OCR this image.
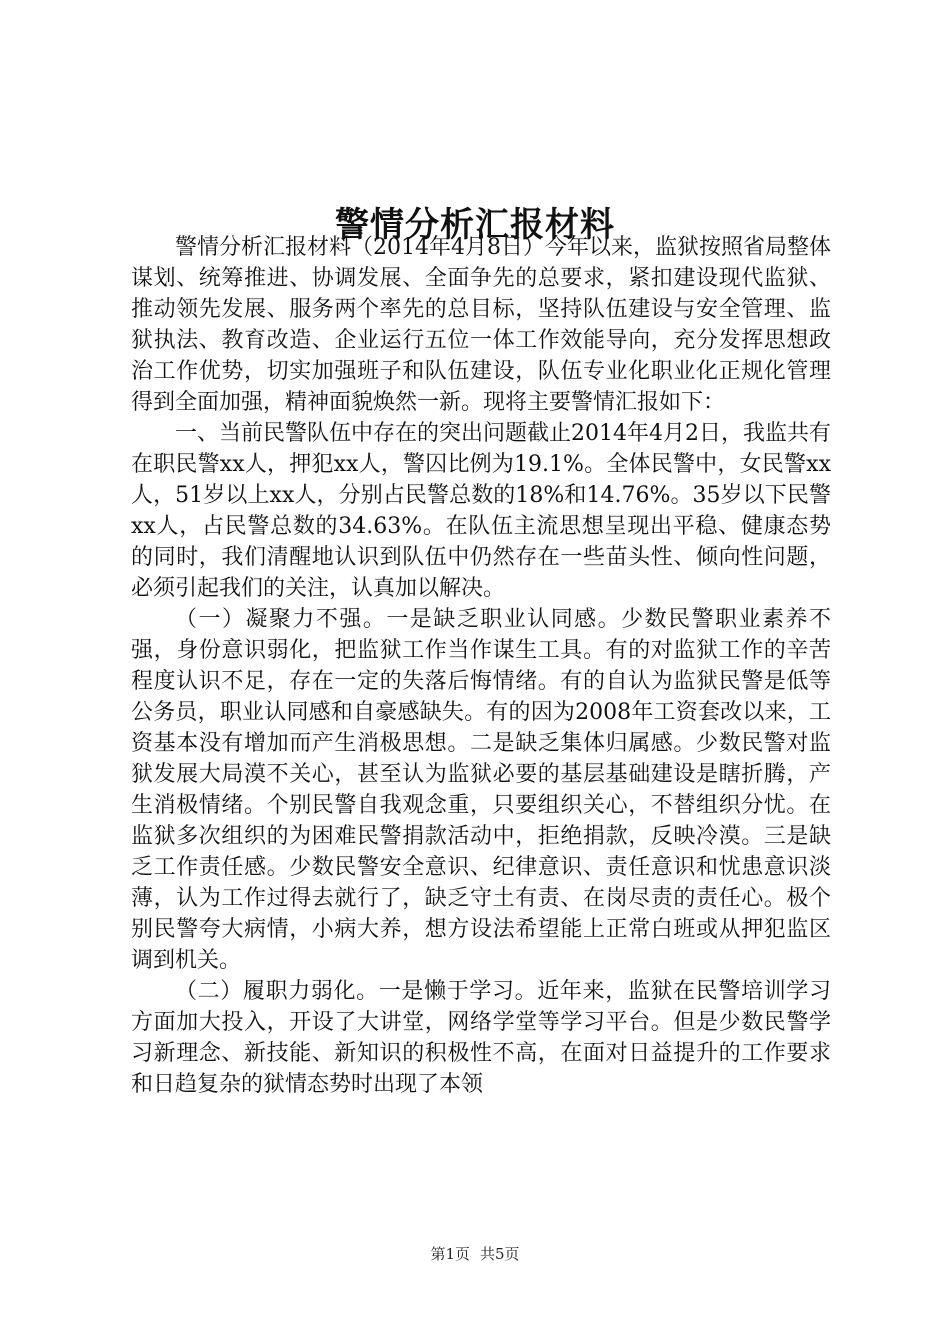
警情分析汇报材料

警情分析汇报材料（2014年4月8日）今年以来，监狱按照省局整体谋划、统筹推进、协调发展、全面争先的总要求，紧扣建设现代监狱、推动领先发展、服务两个率先的总目标，坚持队伍建设与安全管理、监狱执法、教育改造、企业运行五位一体工作效能导向，充分发挥思想政治工作优势，切实加强班子和队伍建设，队伍专业化职业化正规化管理得到全面加强，精神面貌焕然一新。现将主要警情汇报如下：

一、当前民警队伍中存在的突出问题截止2014年4月2日，我监共有在职民警xx人，押犯xx人，警囚比例为19.1%。全体民警中，女民警xx人，51岁以上xx人，分别占民警总数的18%和14.76%。35岁以下民警xx人，占民警总数的34.63%。在队伍主流思想呈现出平稳、健康态势的同时，我们清醒地认识到队伍中仍然存在一些苗头性、倾向性问题，必须引起我们的关注，认真加以解决。

（一）凝聚力不强。一是缺乏职业认同感。少数民警职业素养不强，身份意识弱化，把监狱工作当作谋生工具。有的对监狱工作的辛苦程度认识不足，存在一定的失落后悔情绪。有的自认为监狱民警是低等公务员，职业认同感和自豪感缺失。有的因为2008年工资套改以来，工资基本没有增加而产生消极思想。二是缺乏集体归属感。少数民警对监狱发展大局漠不关心，甚至认为监狱必要的基层基础建设是瞎折腾，产生消极情绪。个别民警自我观念重，只要组织关心，不替组织分忧。在监狱多次组织的为困难民警捐款活动中，拒绝捐款，反映冷漠。三是缺乏工作责任感。少数民警安全意识、纪律意识、责任意识和忧患意识淡薄，认为工作过得去就行了，缺乏守土有责、在岗尽责的责任心。极个别民警夸大病情，小病大养，想方设法希望能上正常白班或从押犯监区调到机关。

（二）履职力弱化。一是懒于学习。近年来，监狱在民警培训学习方面加大投入，开设了大讲堂，网络学堂等学习平台。但是少数民警学习新理念、新技能、新知识的积极性不高，在面对日益提升的工作要求和日趋复杂的狱情态势时出现了本领

第1页 共5页
